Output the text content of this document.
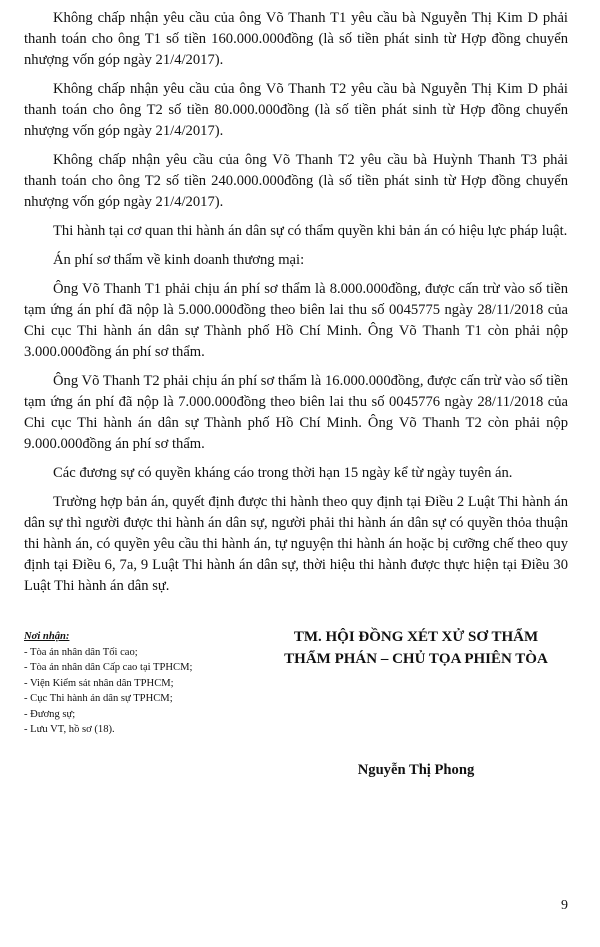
Không chấp nhận yêu cầu của ông Võ Thanh T1 yêu cầu bà Nguyễn Thị Kim D phải thanh toán cho ông T1 số tiền 160.000.000đồng (là số tiền phát sinh từ Hợp đồng chuyển nhượng vốn góp ngày 21/4/2017).

Không chấp nhận yêu cầu của ông Võ Thanh T2 yêu cầu bà Nguyễn Thị Kim D phải thanh toán cho ông T2 số tiền 80.000.000đồng (là số tiền phát sinh từ Hợp đồng chuyển nhượng vốn góp ngày 21/4/2017).

Không chấp nhận yêu cầu của ông Võ Thanh T2 yêu cầu bà Huỳnh Thanh T3 phải thanh toán cho ông T2 số tiền 240.000.000đồng (là số tiền phát sinh từ Hợp đồng chuyển nhượng vốn góp ngày 21/4/2017).

Thi hành tại cơ quan thi hành án dân sự có thẩm quyền khi bản án có hiệu lực pháp luật.

Án phí sơ thẩm về kinh doanh thương mại:

Ông Võ Thanh T1 phải chịu án phí sơ thẩm là 8.000.000đồng, được cấn trừ vào số tiền tạm ứng án phí đã nộp là 5.000.000đồng theo biên lai thu số 0045775 ngày 28/11/2018 của Chi cục Thi hành án dân sự Thành phố Hồ Chí Minh. Ông Võ Thanh T1 còn phải nộp 3.000.000đồng án phí sơ thẩm.

Ông Võ Thanh T2 phải chịu án phí sơ thẩm là 16.000.000đồng, được cấn trừ vào số tiền tạm ứng án phí đã nộp là 7.000.000đồng theo biên lai thu số 0045776 ngày 28/11/2018 của Chi cục Thi hành án dân sự Thành phố Hồ Chí Minh. Ông Võ Thanh T2 còn phải nộp 9.000.000đồng án phí sơ thẩm.

Các đương sự có quyền kháng cáo trong thời hạn 15 ngày kể từ ngày tuyên án.

Trường hợp bản án, quyết định được thi hành theo quy định tại Điều 2 Luật Thi hành án dân sự thì người được thi hành án dân sự, người phải thi hành án dân sự có quyền thỏa thuận thi hành án, có quyền yêu cầu thi hành án, tự nguyện thi hành án hoặc bị cưỡng chế theo quy định tại Điều 6, 7a, 9 Luật Thi hành án dân sự, thời hiệu thi hành được thực hiện tại Điều 30 Luật Thi hành án dân sự.

Nơi nhận:
- Tòa án nhân dân Tối cao;
- Tòa án nhân dân Cấp cao tại TPHCM;
- Viện Kiểm sát nhân dân TPHCM;
- Cục Thi hành án dân sự TPHCM;
- Đương sự;
- Lưu VT, hồ sơ (18).
TM. HỘI ĐỒNG XÉT XỬ SƠ THẨM
THẨM PHÁN – CHỦ TỌA PHIÊN TÒA
Nguyễn Thị Phong
9
